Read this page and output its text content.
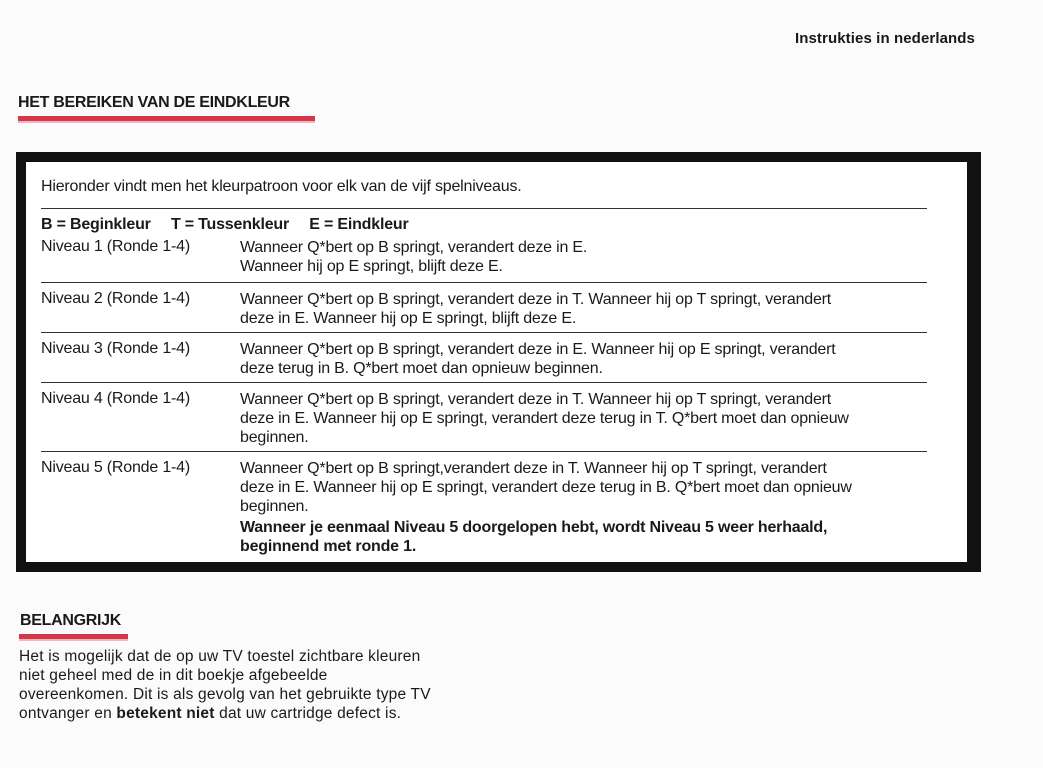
Instrukties in nederlands
HET BEREIKEN VAN DE EINDKLEUR
Hieronder vindt men het kleurpatroon voor elk van de vijf spelniveaus.
B = Beginkleur T = Tussenkleur E = Eindkleur
Niveau 1 (Ronde 1-4)	Wanneer Q*bert op B springt, verandert deze in E.
Wanneer hij op E springt, blijft deze E.
Niveau 2 (Ronde 1-4)	Wanneer Q*bert op B springt, verandert deze in T. Wanneer hij op T springt, verandert
deze in E. Wanneer hij op E springt, blijft deze E.
Niveau 3 (Ronde 1-4)	Wanneer Q*bert op B springt, verandert deze in E. Wanneer hij op E springt, verandert
deze terug in B. Q*bert moet dan opnieuw beginnen.
Niveau 4 (Ronde 1-4)	Wanneer Q*bert op B springt, verandert deze in T. Wanneer hij op T springt, verandert
deze in E. Wanneer hij op E springt, verandert deze terug in T. Q*bert moet dan opnieuw
beginnen.
Niveau 5 (Ronde 1-4)	Wanneer Q*bert op B springt,verandert deze in T. Wanneer hij op T springt, verandert
deze in E. Wanneer hij op E springt, verandert deze terug in B. Q*bert moet dan opnieuw
beginnen.
Wanneer je eenmaal Niveau 5 doorgelopen hebt, wordt Niveau 5 weer herhaald,
beginnend met ronde 1.
BELANGRIJK
Het is mogelijk dat de op uw TV toestel zichtbare kleuren
niet geheel med de in dit boekje afgebeelde
overeenkomen. Dit is als gevolg van het gebruikte type TV
ontvanger en betekent niet dat uw cartridge defect is.
